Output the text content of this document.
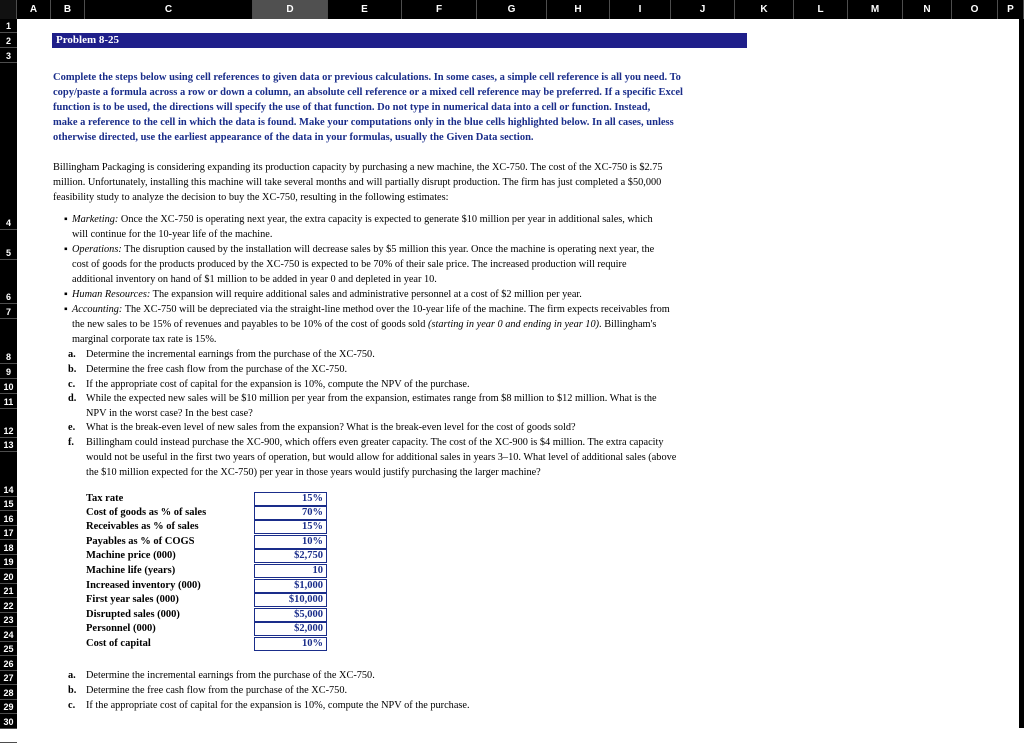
A	B	C	D	E	F	G	H	I	J	K	L	M	N	O	P
1
2
3
4
5
6
7
8
9
10
11
12
13
14
15
16
17
18
19
20
21
22
23
24
25
26
27
28
29
30
31
Problem 8-25
Complete the steps below using cell references to given data or previous calculations. In some cases, a simple cell reference is all you need. To
copy/paste a formula across a row or down a column, an absolute cell reference or a mixed cell reference may be preferred. If a specific Excel
function is to be used, the directions will specify the use of that function. Do not type in numerical data into a cell or function. Instead,
make a reference to the cell in which the data is found. Make your computations only in the blue cells highlighted below. In all cases, unless
otherwise directed, use the earliest appearance of the data in your formulas, usually the Given Data section.
Billingham Packaging is considering expanding its production capacity by purchasing a new machine, the XC-750. The cost of the XC-750 is $2.75
million. Unfortunately, installing this machine will take several months and will partially disrupt production. The firm has just completed a $50,000
feasibility study to analyze the decision to buy the XC-750, resulting in the following estimates:
▪ Marketing: Once the XC-750 is operating next year, the extra capacity is expected to generate $10 million per year in additional sales, which
will continue for the 10-year life of the machine.
▪ Operations: The disruption caused by the installation will decrease sales by $5 million this year. Once the machine is operating next year, the
cost of goods for the products produced by the XC-750 is expected to be 70% of their sale price. The increased production will require
additional inventory on hand of $1 million to be added in year 0 and depleted in year 10.
▪ Human Resources: The expansion will require additional sales and administrative personnel at a cost of $2 million per year.
▪ Accounting: The XC-750 will be depreciated via the straight-line method over the 10-year life of the machine. The firm expects receivables from
the new sales to be 15% of revenues and payables to be 10% of the cost of goods sold (starting in year 0 and ending in year 10). Billingham's
marginal corporate tax rate is 15%.
a. Determine the incremental earnings from the purchase of the XC-750.
b. Determine the free cash flow from the purchase of the XC-750.
c. If the appropriate cost of capital for the expansion is 10%, compute the NPV of the purchase.
d. While the expected new sales will be $10 million per year from the expansion, estimates range from $8 million to $12 million. What is the
NPV in the worst case? In the best case?
e. What is the break-even level of new sales from the expansion? What is the break-even level for the cost of goods sold?
f. Billingham could instead purchase the XC-900, which offers even greater capacity. The cost of the XC-900 is $4 million. The extra capacity
would not be useful in the first two years of operation, but would allow for additional sales in years 3–10. What level of additional sales (above
the $10 million expected for the XC-750) per year in those years would justify purchasing the larger machine?
Tax rate	15%
Cost of goods as % of sales	70%
Receivables as % of sales	15%
Payables as % of COGS	10%
Machine price (000)	$2,750
Machine life (years)	10
Increased inventory (000)	$1,000
First year sales (000)	$10,000
Disrupted sales (000)	$5,000
Personnel (000)	$2,000
Cost of capital	10%
a. Determine the incremental earnings from the purchase of the XC-750.
b. Determine the free cash flow from the purchase of the XC-750.
c. If the appropriate cost of capital for the expansion is 10%, compute the NPV of the purchase.
